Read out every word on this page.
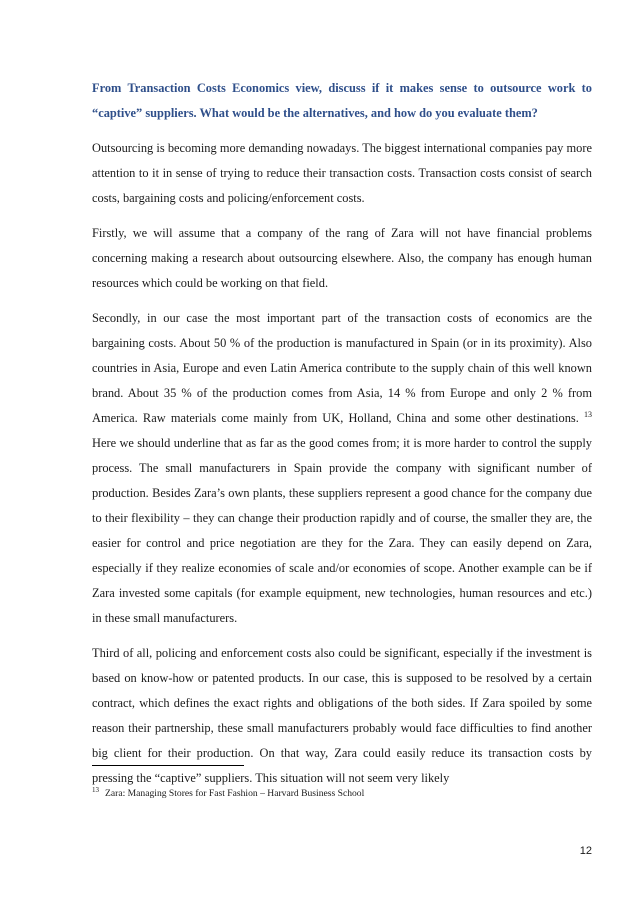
From Transaction Costs Economics view, discuss if it makes sense to outsource work to “captive” suppliers. What would be the alternatives, and how do you evaluate them?

Outsourcing is becoming more demanding nowadays. The biggest international companies pay more attention to it in sense of trying to reduce their transaction costs. Transaction costs consist of search costs, bargaining costs and policing/enforcement costs.

Firstly, we will assume that a company of the rang of Zara will not have financial problems concerning making a research about outsourcing elsewhere. Also, the company has enough human resources which could be working on that field.

Secondly, in our case the most important part of the transaction costs of economics are the bargaining costs. About 50 % of the production is manufactured in Spain (or in its proximity). Also countries in Asia, Europe and even Latin America contribute to the supply chain of this well known brand. About 35 % of the production comes from Asia, 14 % from Europe and only 2 % from America. Raw materials come mainly from UK, Holland, China and some other destinations. $^{13}$ Here we should underline that as far as the good comes from; it is more harder to control the supply process. The small manufacturers in Spain provide the company with significant number of production. Besides Zara’s own plants, these suppliers represent a good chance for the company due to their flexibility – they can change their production rapidly and of course, the smaller they are, the easier for control and price negotiation are they for the Zara. They can easily depend on Zara, especially if they realize economies of scale and/or economies of scope. Another example can be if Zara invested some capitals (for example equipment, new technologies, human resources and etc.) in these small manufacturers.

Third of all, policing and enforcement costs also could be significant, especially if the investment is based on know-how or patented products. In our case, this is supposed to be resolved by a certain contract, which defines the exact rights and obligations of the both sides. If Zara spoiled by some reason their partnership, these small manufacturers probably would face difficulties to find another big client for their production. On that way, Zara could easily reduce its transaction costs by pressing the “captive” suppliers. This situation will not seem very likely

$^{13}$ Zara: Managing Stores for Fast Fashion – Harvard Business School
12
